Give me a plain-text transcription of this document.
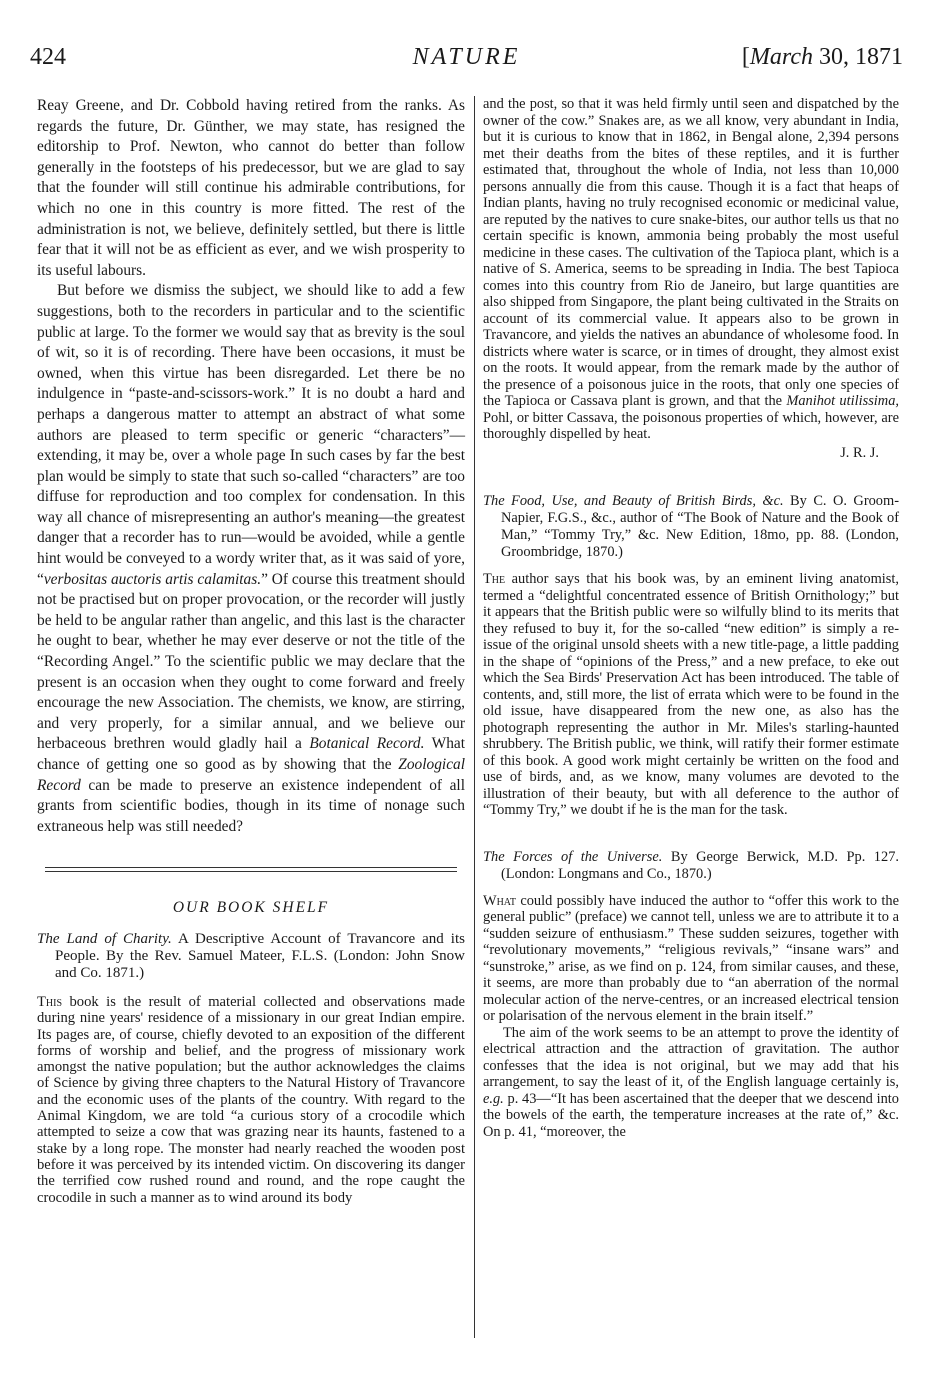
424	NATURE	[March 30, 1871

Reay Greene, and Dr. Cobbold having retired from the ranks. As regards the future, Dr. Günther, we may state, has resigned the editorship to Prof. Newton, who cannot do better than follow generally in the footsteps of his predecessor, but we are glad to say that the founder will still continue his admirable contributions, for which no one in this country is more fitted. The rest of the administration is not, we believe, definitely settled, but there is little fear that it will not be as efficient as ever, and we wish prosperity to its useful labours.

But before we dismiss the subject, we should like to add a few suggestions, both to the recorders in particular and to the scientific public at large. To the former we would say that as brevity is the soul of wit, so it is of recording. There have been occasions, it must be owned, when this virtue has been disregarded. Let there be no indulgence in “paste-and-scissors-work.” It is no doubt a hard and perhaps a dangerous matter to attempt an abstract of what some authors are pleased to term specific or generic “characters”—extending, it may be, over a whole page In such cases by far the best plan would be simply to state that such so-called “characters” are too diffuse for reproduction and too complex for condensation. In this way all chance of misrepresenting an author's meaning—the greatest danger that a recorder has to run—would be avoided, while a gentle hint would be conveyed to a wordy writer that, as it was said of yore, “verbositas auctoris artis calamitas.” Of course this treatment should not be practised but on proper provocation, or the recorder will justly be held to be angular rather than angelic, and this last is the character he ought to bear, whether he may ever deserve or not the title of the “Recording Angel.” To the scientific public we may declare that the present is an occasion when they ought to come forward and freely encourage the new Association. The chemists, we know, are stirring, and very properly, for a similar annual, and we believe our herbaceous brethren would gladly hail a Botanical Record. What chance of getting one so good as by showing that the Zoological Record can be made to preserve an existence independent of all grants from scientific bodies, though in its time of nonage such extraneous help was still needed?

OUR BOOK SHELF

The Land of Charity. A Descriptive Account of Travancore and its People. By the Rev. Samuel Mateer, F.L.S. (London: John Snow and Co. 1871.)

This book is the result of material collected and observations made during nine years' residence of a missionary in our great Indian empire. Its pages are, of course, chiefly devoted to an exposition of the different forms of worship and belief, and the progress of missionary work amongst the native population; but the author acknowledges the claims of Science by giving three chapters to the Natural History of Travancore and the economic uses of the plants of the country. With regard to the Animal Kingdom, we are told “a curious story of a crocodile which attempted to seize a cow that was grazing near its haunts, fastened to a stake by a long rope. The monster had nearly reached the wooden post before it was perceived by its intended victim. On discovering its danger the terrified cow rushed round and round, and the rope caught the crocodile in such a manner as to wind around its body

and the post, so that it was held firmly until seen and dispatched by the owner of the cow.” Snakes are, as we all know, very abundant in India, but it is curious to know that in 1862, in Bengal alone, 2,394 persons met their deaths from the bites of these reptiles, and it is further estimated that, throughout the whole of India, not less than 10,000 persons annually die from this cause. Though it is a fact that heaps of Indian plants, having no truly recognised economic or medicinal value, are reputed by the natives to cure snake-bites, our author tells us that no certain specific is known, ammonia being probably the most useful medicine in these cases. The cultivation of the Tapioca plant, which is a native of S. America, seems to be spreading in India. The best Tapioca comes into this country from Rio de Janeiro, but large quantities are also shipped from Singapore, the plant being cultivated in the Straits on account of its commercial value. It appears also to be grown in Travancore, and yields the natives an abundance of wholesome food. In districts where water is scarce, or in times of drought, they almost exist on the roots. It would appear, from the remark made by the author of the presence of a poisonous juice in the roots, that only one species of the Tapioca or Cassava plant is grown, and that the Manihot utilissima, Pohl, or bitter Cassava, the poisonous properties of which, however, are thoroughly dispelled by heat.

J. R. J.

The Food, Use, and Beauty of British Birds, &c. By C. O. Groom-Napier, F.G.S., &c., author of “The Book of Nature and the Book of Man,” “Tommy Try,” &c. New Edition, 18mo, pp. 88. (London, Groombridge, 1870.)

The author says that his book was, by an eminent living anatomist, termed a “delightful concentrated essence of British Ornithology;” but it appears that the British public were so wilfully blind to its merits that they refused to buy it, for the so-called “new edition” is simply a re-issue of the original unsold sheets with a new title-page, a little padding in the shape of “opinions of the Press,” and a new preface, to eke out which the Sea Birds' Preservation Act has been introduced. The table of contents, and, still more, the list of errata which were to be found in the old issue, have disappeared from the new one, as also has the photograph representing the author in Mr. Miles's starling-haunted shrubbery. The British public, we think, will ratify their former estimate of this book. A good work might certainly be written on the food and use of birds, and, as we know, many volumes are devoted to the illustration of their beauty, but with all deference to the author of “Tommy Try,” we doubt if he is the man for the task.

The Forces of the Universe. By George Berwick, M.D. Pp. 127. (London: Longmans and Co., 1870.)

What could possibly have induced the author to “offer this work to the general public” (preface) we cannot tell, unless we are to attribute it to a “sudden seizure of enthusiasm.” These sudden seizures, together with “revolutionary movements,” “religious revivals,” “insane wars” and “sunstroke,” arise, as we find on p. 124, from similar causes, and these, it seems, are more than probably due to “an aberration of the normal molecular action of the nerve-centres, or an increased electrical tension or polarisation of the nervous element in the brain itself.”

The aim of the work seems to be an attempt to prove the identity of electrical attraction and the attraction of gravitation. The author confesses that the idea is not original, but we may add that his arrangement, to say the least of it, of the English language certainly is, e.g. p. 43—“It has been ascertained that the deeper that we descend into the bowels of the earth, the temperature increases at the rate of,” &c. On p. 41, “moreover, the
